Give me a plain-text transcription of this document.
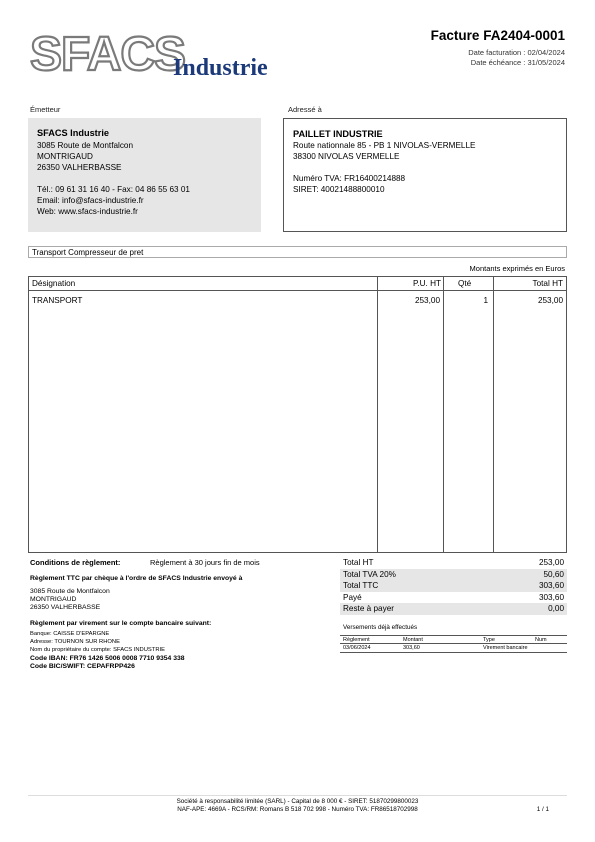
SFACS
Industrie
Facture FA2404-0001
Date facturation : 02/04/2024
Date échéance : 31/05/2024
Émetteur	Adressé à
SFACS Industrie
3085 Route de Montfalcon
MONTRIGAUD
26350 VALHERBASSE
Tél.: 09 61 31 16 40 - Fax: 04 86 55 63 01
Email: info@sfacs-industrie.fr
Web: www.sfacs-industrie.fr
PAILLET INDUSTRIE
Route nationnale 85 - PB 1 NIVOLAS-VERMELLE
38300 NIVOLAS VERMELLE
Numéro TVA: FR16400214888
SIRET: 40021488800010
Transport Compresseur de pret
Montants exprimés en Euros
Désignation	P.U. HT Qté	Total HT
TRANSPORT	253,00	1	253,00
Conditions de règlement:	Règlement à 30 jours fin de mois
Règlement TTC par chèque à l'ordre de SFACS Industrie envoyé à
3085 Route de Montfalcon
MONTRIGAUD
26350 VALHERBASSE
Règlement par virement sur le compte bancaire suivant:
Banque: CAISSE D'EPARGNE
Adresse: TOURNON SUR RHONE
Nom du propriétaire du compte: SFACS INDUSTRIE
Code IBAN: FR76 1426 5006 0008 7710 9354 338
Code BIC/SWIFT: CEPAFRPP426
Total HT	253,00
Total TVA 20%	50,60
Total TTC	303,60
Payé	303,60
Reste à payer	0,00
Versements déjà effectués
Règlement	Montant	Type	Num
03/06/2024	303,60	Virement bancaire
Société à responsabilité limitée (SARL) - Capital de 8 000 € - SIRET: 51870299800023
NAF-APE: 4669A - RCS/RM: Romans B 518 702 998 - Numéro TVA: FR86518702998	1 / 1
